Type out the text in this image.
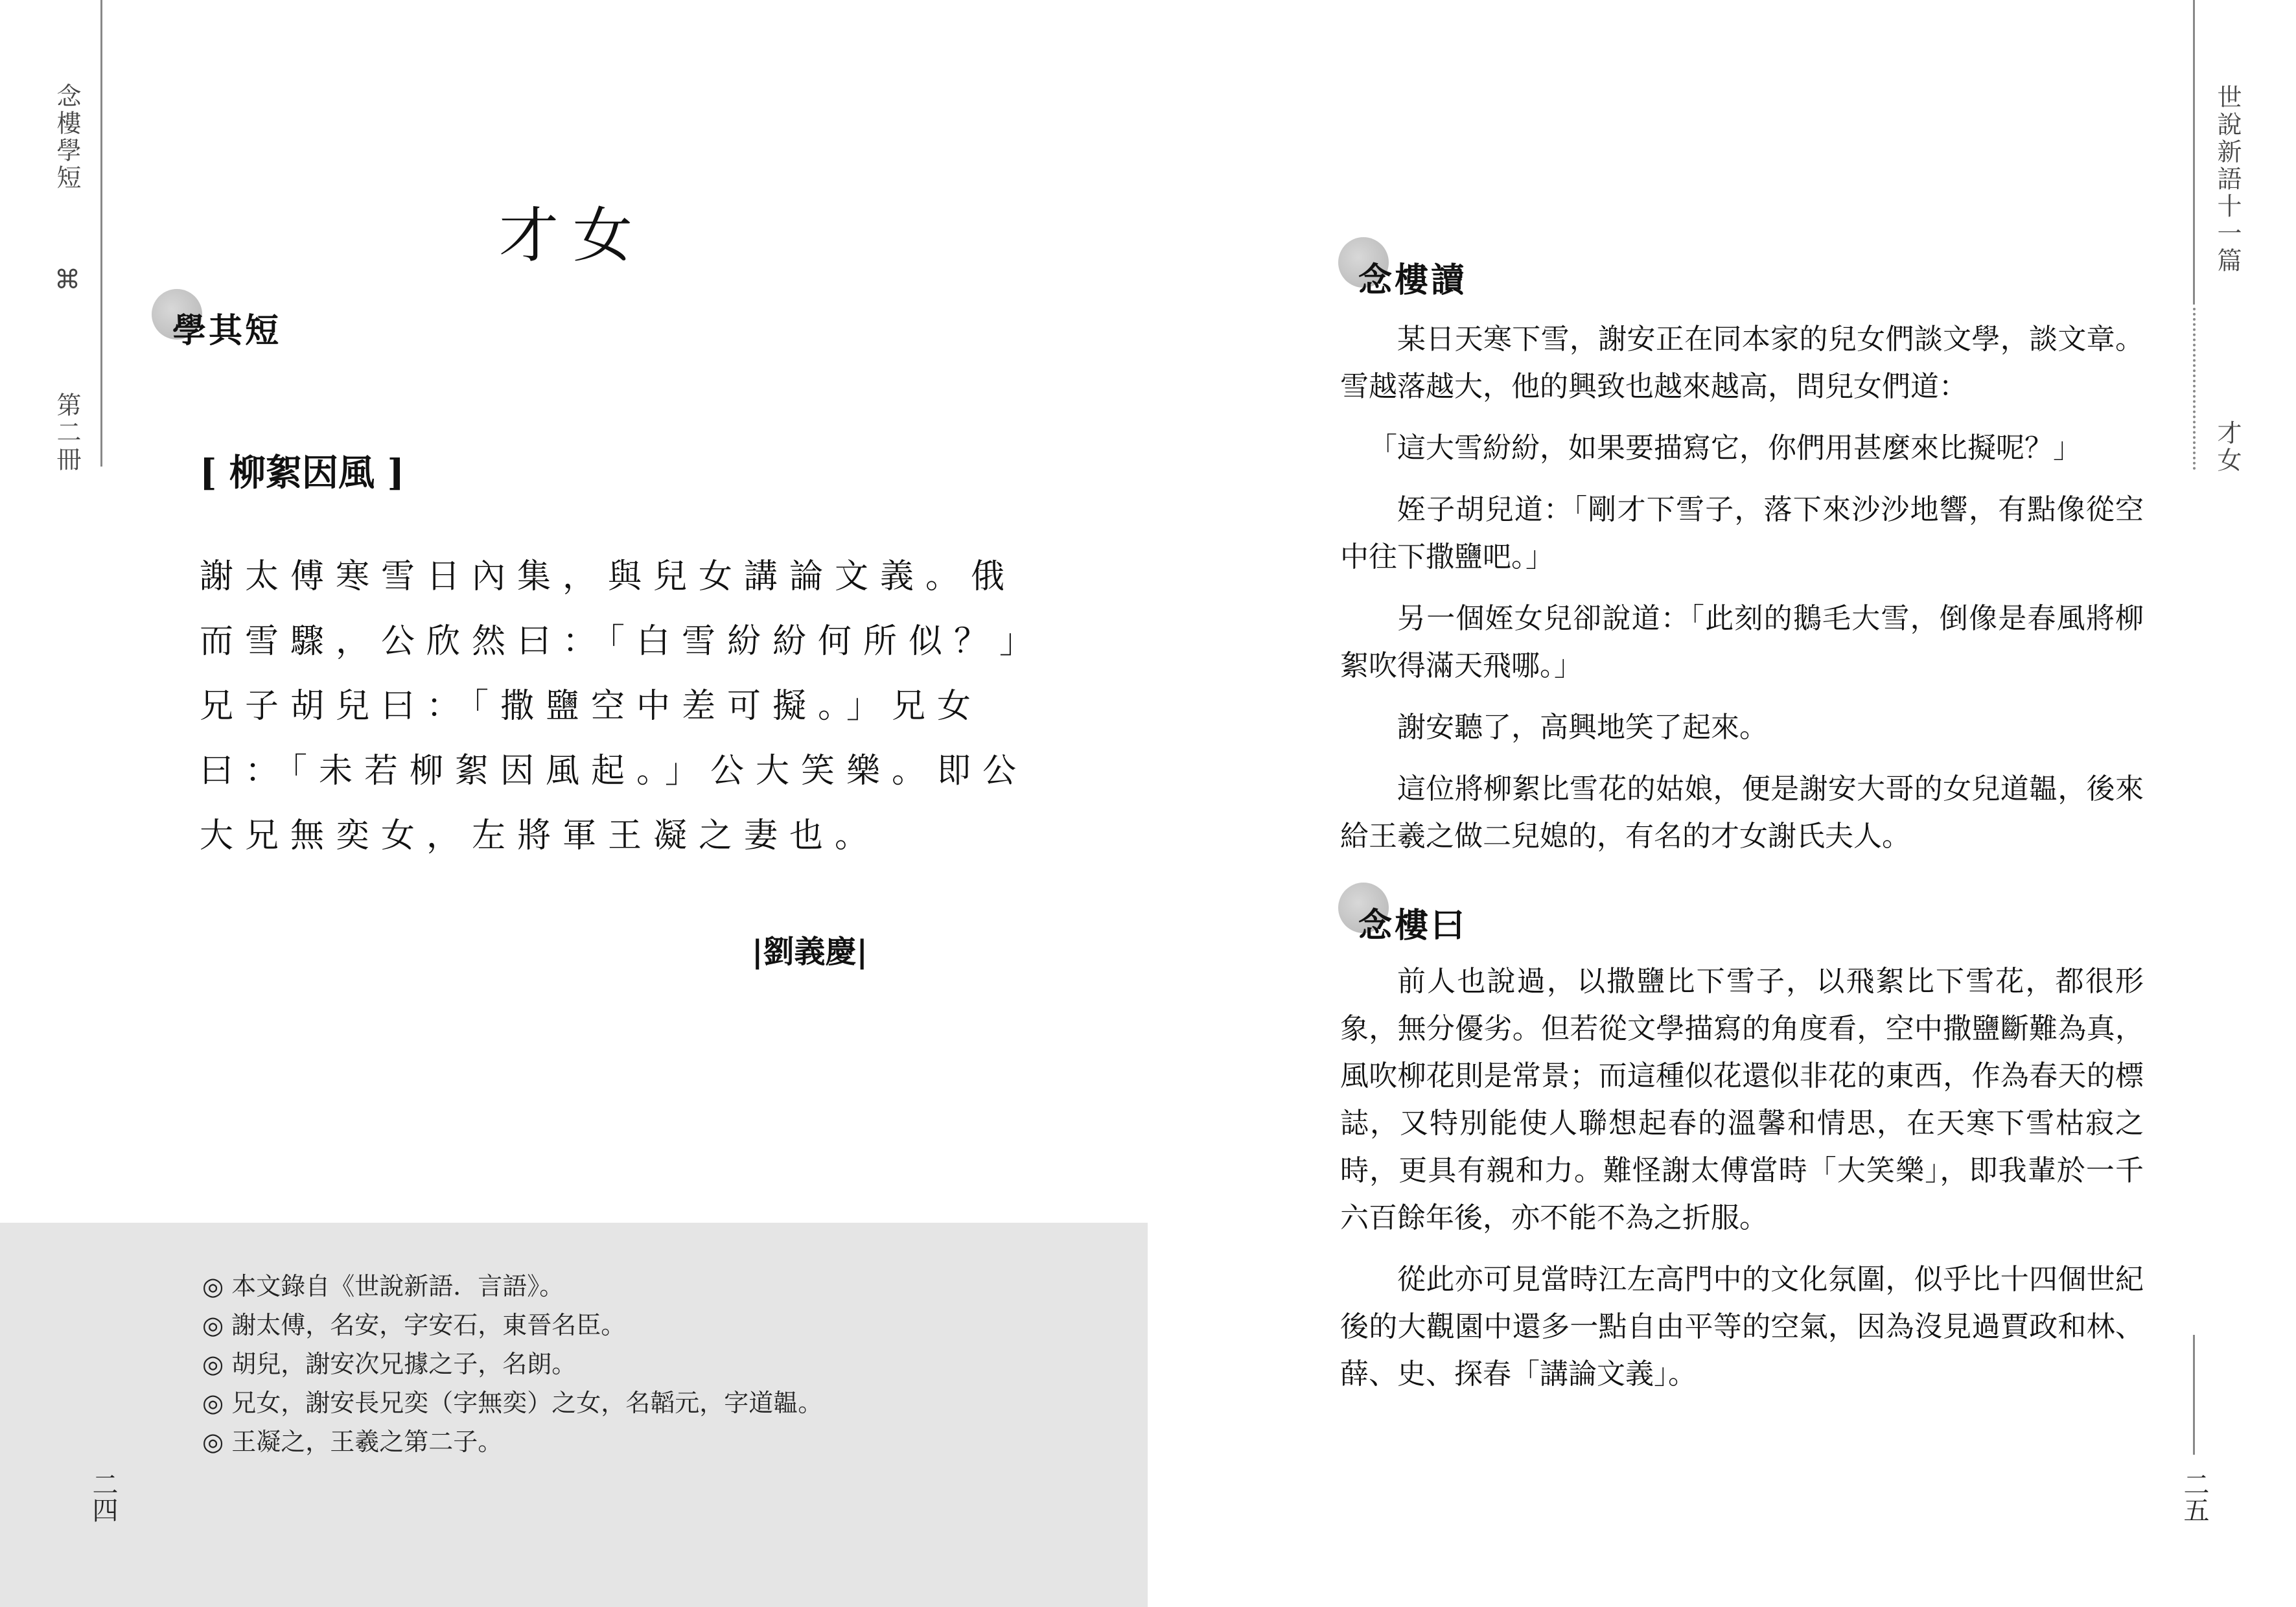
念樓學短
⌘
第二冊
才女
學其短
[ 柳絮因風 ]
謝太傅寒雪日內集，與兒女講論文義。俄
而雪驟，公欣然曰：「白雪紛紛何所似？」
兄子胡兒曰：「撒鹽空中差可擬。」兄女
曰：「未若柳絮因風起。」公大笑樂。即公
大兄無奕女，左將軍王凝之妻也。
|劉義慶|
◎ 本文錄自《世說新語．言語》。
◎ 謝太傅，名安，字安石，東晉名臣。
◎ 胡兒，謝安次兄據之子，名朗。
◎ 兄女，謝安長兄奕（字無奕）之女，名韜元，字道韞。
◎ 王凝之，王羲之第二子。
二四
世說新語十一篇
才女
念樓讀

某日天寒下雪，謝安正在同本家的兒女們談文學，談文章。雪越落越大，他的興致也越來越高，問兒女們道：

「這大雪紛紛，如果要描寫它，你們用甚麼來比擬呢？」

姪子胡兒道：「剛才下雪子，落下來沙沙地響，有點像從空中往下撒鹽吧。」

另一個姪女兒卻說道：「此刻的鵝毛大雪，倒像是春風將柳絮吹得滿天飛哪。」

謝安聽了，高興地笑了起來。

這位將柳絮比雪花的姑娘，便是謝安大哥的女兒道韞，後來給王羲之做二兒媳的，有名的才女謝氏夫人。

念樓曰

前人也說過，以撒鹽比下雪子，以飛絮比下雪花，都很形象，無分優劣。但若從文學描寫的角度看，空中撒鹽斷難為真，風吹柳花則是常景；而這種似花還似非花的東西，作為春天的標誌，又特別能使人聯想起春的溫馨和情思，在天寒下雪枯寂之時，更具有親和力。難怪謝太傅當時「大笑樂」，即我輩於一千六百餘年後，亦不能不為之折服。

從此亦可見當時江左高門中的文化氛圍，似乎比十四個世紀後的大觀園中還多一點自由平等的空氣，因為沒見過賈政和林、薛、史、探春「講論文義」。

二五
